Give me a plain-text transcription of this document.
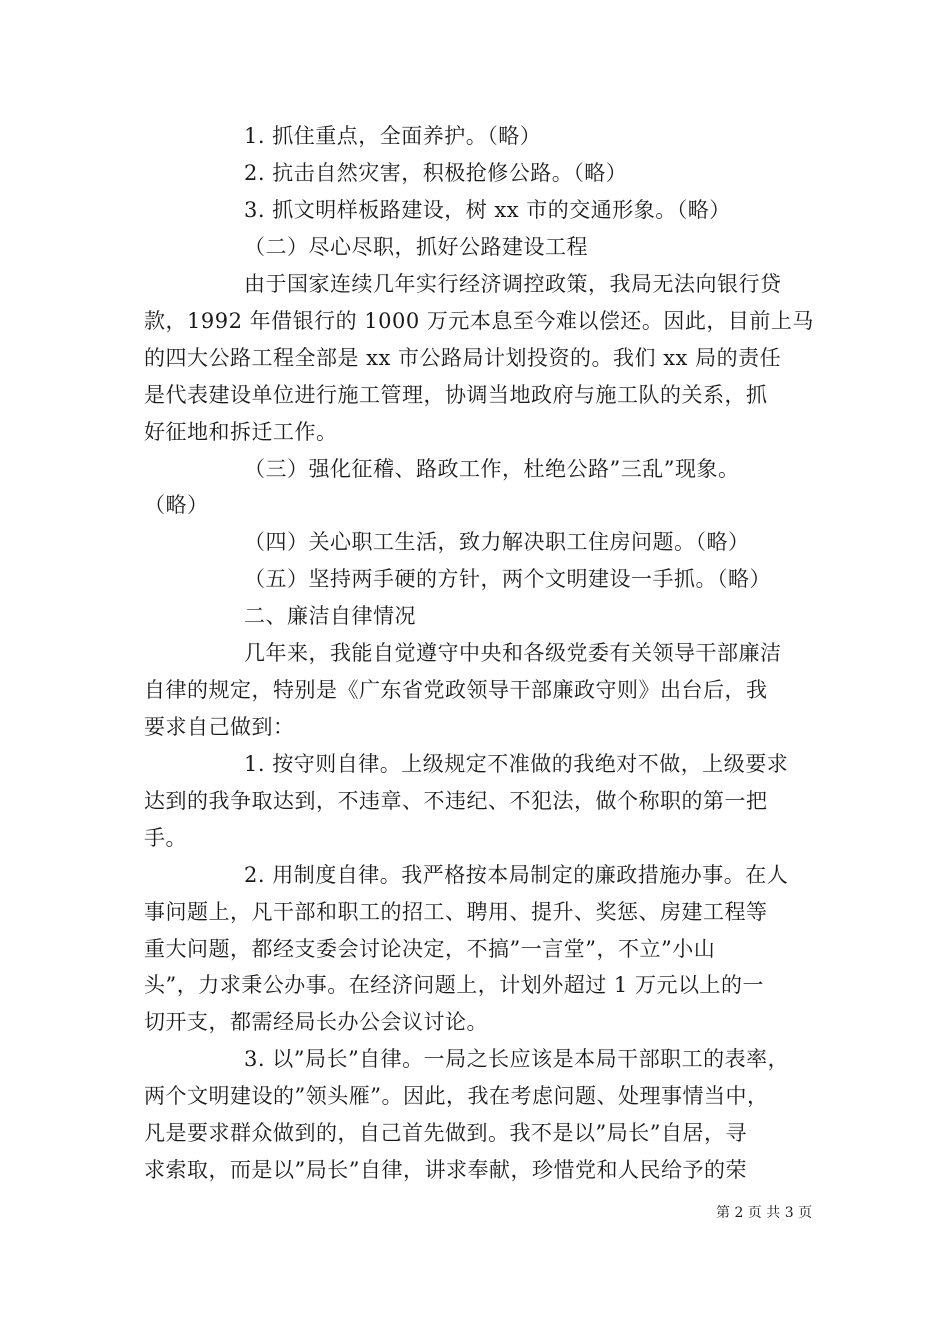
1. 抓住重点，全面养护。（略）
2. 抗击自然灾害，积极抢修公路。（略）
3. 抓文明样板路建设，树 xx 市的交通形象。（略）
（二）尽心尽职，抓好公路建设工程
由于国家连续几年实行经济调控政策，我局无法向银行贷
款，1992 年借银行的 1000 万元本息至今难以偿还。因此，目前上马
的四大公路工程全部是 xx 市公路局计划投资的。我们 xx 局的责任
是代表建设单位进行施工管理，协调当地政府与施工队的关系，抓
好征地和拆迁工作。
（三）强化征稽、路政工作，杜绝公路”三乱”现象。
（略）
（四）关心职工生活，致力解决职工住房问题。（略）
（五）坚持两手硬的方针，两个文明建设一手抓。（略）
二、廉洁自律情况
几年来，我能自觉遵守中央和各级党委有关领导干部廉洁
自律的规定，特别是《广东省党政领导干部廉政守则》出台后，我
要求自己做到：
1. 按守则自律。上级规定不准做的我绝对不做，上级要求
达到的我争取达到，不违章、不违纪、不犯法，做个称职的第一把
手。
2. 用制度自律。我严格按本局制定的廉政措施办事。在人
事问题上，凡干部和职工的招工、聘用、提升、奖惩、房建工程等
重大问题，都经支委会讨论决定，不搞”一言堂”，不立”小山
头”，力求秉公办事。在经济问题上，计划外超过 1 万元以上的一
切开支，都需经局长办公会议讨论。
3. 以”局长”自律。一局之长应该是本局干部职工的表率，
两个文明建设的”领头雁”。因此，我在考虑问题、处理事情当中，
凡是要求群众做到的，自己首先做到。我不是以”局长”自居，寻
求索取，而是以”局长”自律，讲求奉献，珍惜党和人民给予的荣
第 2 页 共 3 页
